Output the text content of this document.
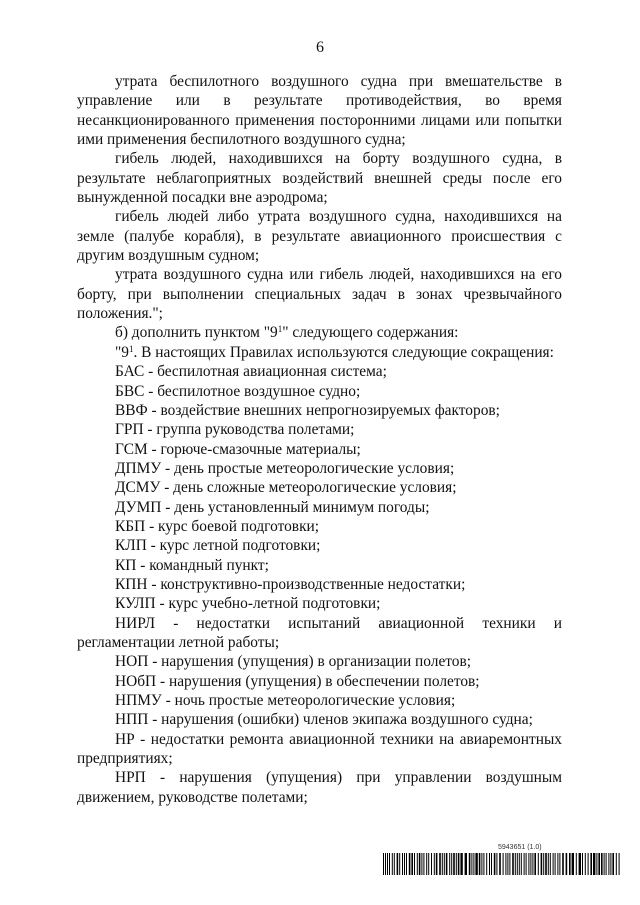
6

утрата беспилотного воздушного судна при вмешательстве в управление или в результате противодействия, во время несанкционированного применения посторонними лицами или попытки ими применения беспилотного воздушного судна;

гибель людей, находившихся на борту воздушного судна, в результате неблагоприятных воздействий внешней среды после его вынужденной посадки вне аэродрома;

гибель людей либо утрата воздушного судна, находившихся на земле (палубе корабля), в результате авиационного происшествия с другим воздушным судном;

утрата воздушного судна или гибель людей, находившихся на его борту, при выполнении специальных задач в зонах чрезвычайного положения.";

б) дополнить пунктом "$9^1$" следующего содержания:

"$9^1$. В настоящих Правилах используются следующие сокращения:

БАС - беспилотная авиационная система;

БВС - беспилотное воздушное судно;

ВВФ - воздействие внешних непрогнозируемых факторов;

ГРП - группа руководства полетами;

ГСМ - горюче-смазочные материалы;

ДПМУ - день простые метеорологические условия;

ДСМУ - день сложные метеорологические условия;

ДУМП - день установленный минимум погоды;

КБП - курс боевой подготовки;

КЛП - курс летной подготовки;

КП - командный пункт;

КПН - конструктивно-производственные недостатки;

КУЛП - курс учебно-летной подготовки;

НИРЛ - недостатки испытаний авиационной техники и регламентации летной работы;

НОП - нарушения (упущения) в организации полетов;

НОбП - нарушения (упущения) в обеспечении полетов;

НПМУ - ночь простые метеорологические условия;

НПП - нарушения (ошибки) членов экипажа воздушного судна;

НР - недостатки ремонта авиационной техники на авиаремонтных предприятиях;

НРП - нарушения (упущения) при управлении воздушным движением, руководстве полетами;

5943651 (1.0)
